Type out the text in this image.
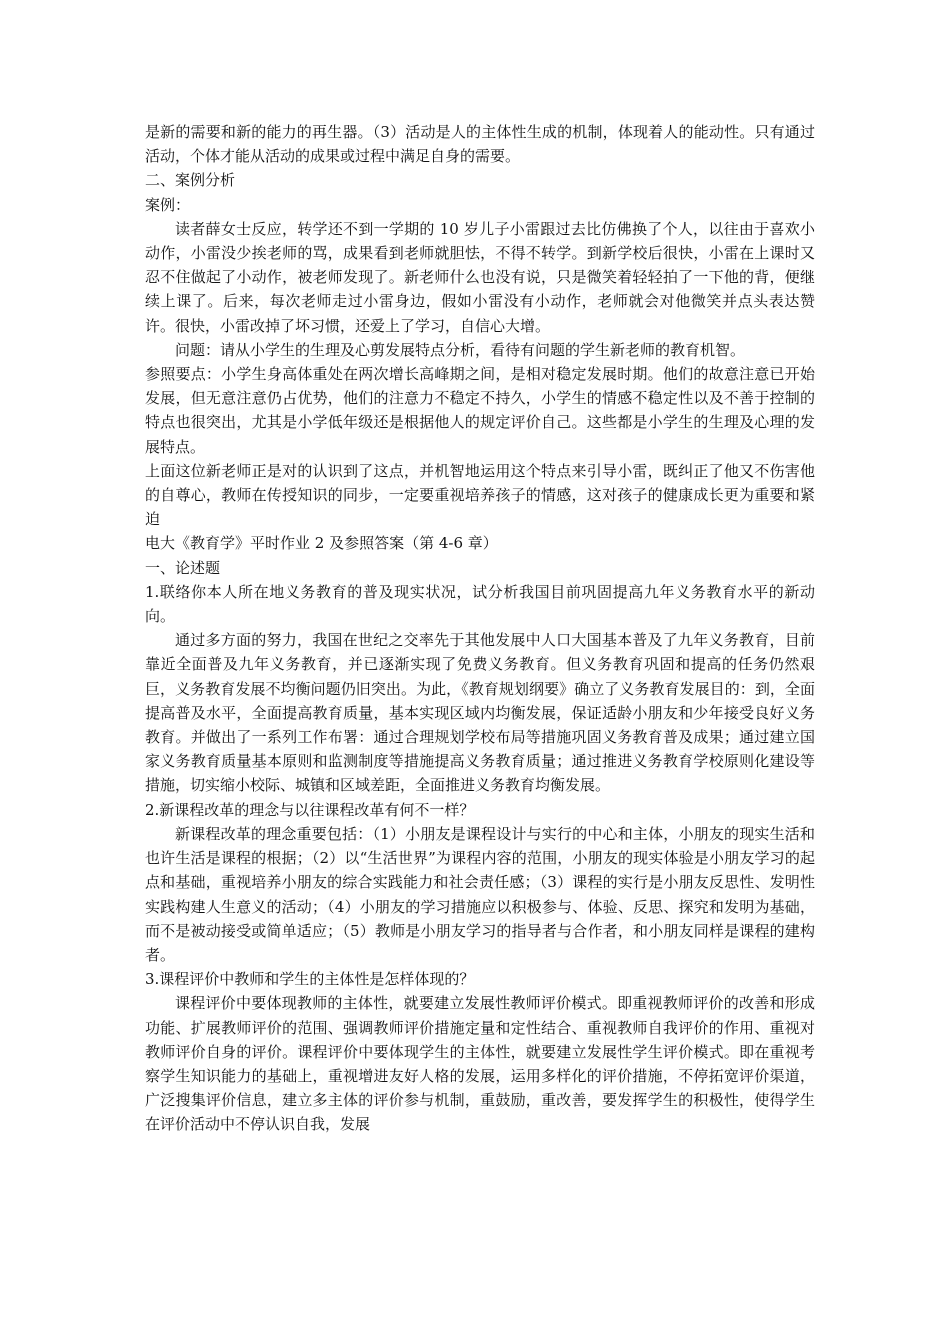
是新的需要和新的能力的再生器。（3）活动是人的主体性生成的机制，体现着人的能动性。只有通过活动，个体才能从活动的成果或过程中满足自身的需要。

二、案例分析

案例：

读者薛女士反应，转学还不到一学期的 10 岁儿子小雷跟过去比仿佛换了个人，以往由于喜欢小动作，小雷没少挨老师的骂，成果看到老师就胆怯，不得不转学。到新学校后很快，小雷在上课时又忍不住做起了小动作，被老师发现了。新老师什么也没有说，只是微笑着轻轻拍了一下他的背，便继续上课了。后来，每次老师走过小雷身边，假如小雷没有小动作，老师就会对他微笑并点头表达赞许。很快，小雷改掉了坏习惯，还爱上了学习，自信心大增。

问题：请从小学生的生理及心剪发展特点分析，看待有问题的学生新老师的教育机智。

参照要点：小学生身高体重处在两次增长高峰期之间，是相对稳定发展时期。他们的故意注意已开始发展，但无意注意仍占优势，他们的注意力不稳定不持久，小学生的情感不稳定性以及不善于控制的特点也很突出，尤其是小学低年级还是根据他人的规定评价自己。这些都是小学生的生理及心理的发展特点。

上面这位新老师正是对的认识到了这点，并机智地运用这个特点来引导小雷，既纠正了他又不伤害他的自尊心，教师在传授知识的同步，一定要重视培养孩子的情感，这对孩子的健康成长更为重要和紧迫

电大《教育学》平时作业 2 及参照答案（第 4-6 章）

一、论述题

1.联络你本人所在地义务教育的普及现实状况，试分析我国目前巩固提高九年义务教育水平的新动向。

通过多方面的努力，我国在世纪之交率先于其他发展中人口大国基本普及了九年义务教育，目前靠近全面普及九年义务教育，并已逐渐实现了免费义务教育。但义务教育巩固和提高的任务仍然艰巨，义务教育发展不均衡问题仍旧突出。为此，《教育规划纲要》确立了义务教育发展目的：到，全面提高普及水平，全面提高教育质量，基本实现区域内均衡发展，保证适龄小朋友和少年接受良好义务教育。并做出了一系列工作布署：通过合理规划学校布局等措施巩固义务教育普及成果；通过建立国家义务教育质量基本原则和监测制度等措施提高义务教育质量；通过推进义务教育学校原则化建设等措施，切实缩小校际、城镇和区域差距，全面推进义务教育均衡发展。

2.新课程改革的理念与以往课程改革有何不一样？

新课程改革的理念重要包括：（1）小朋友是课程设计与实行的中心和主体，小朋友的现实生活和也许生活是课程的根据；（2）以“生活世界”为课程内容的范围，小朋友的现实体验是小朋友学习的起点和基础，重视培养小朋友的综合实践能力和社会责任感；（3）课程的实行是小朋友反思性、发明性实践构建人生意义的活动；（4）小朋友的学习措施应以积极参与、体验、反思、探究和发明为基础，而不是被动接受或简单适应；（5）教师是小朋友学习的指导者与合作者，和小朋友同样是课程的建构者。

3.课程评价中教师和学生的主体性是怎样体现的？

课程评价中要体现教师的主体性，就要建立发展性教师评价模式。即重视教师评价的改善和形成功能、扩展教师评价的范围、强调教师评价措施定量和定性结合、重视教师自我评价的作用、重视对教师评价自身的评价。课程评价中要体现学生的主体性，就要建立发展性学生评价模式。即在重视考察学生知识能力的基础上，重视增进友好人格的发展，运用多样化的评价措施，不停拓宽评价渠道，广泛搜集评价信息，建立多主体的评价参与机制，重鼓励，重改善，要发挥学生的积极性，使得学生在评价活动中不停认识自我，发展
